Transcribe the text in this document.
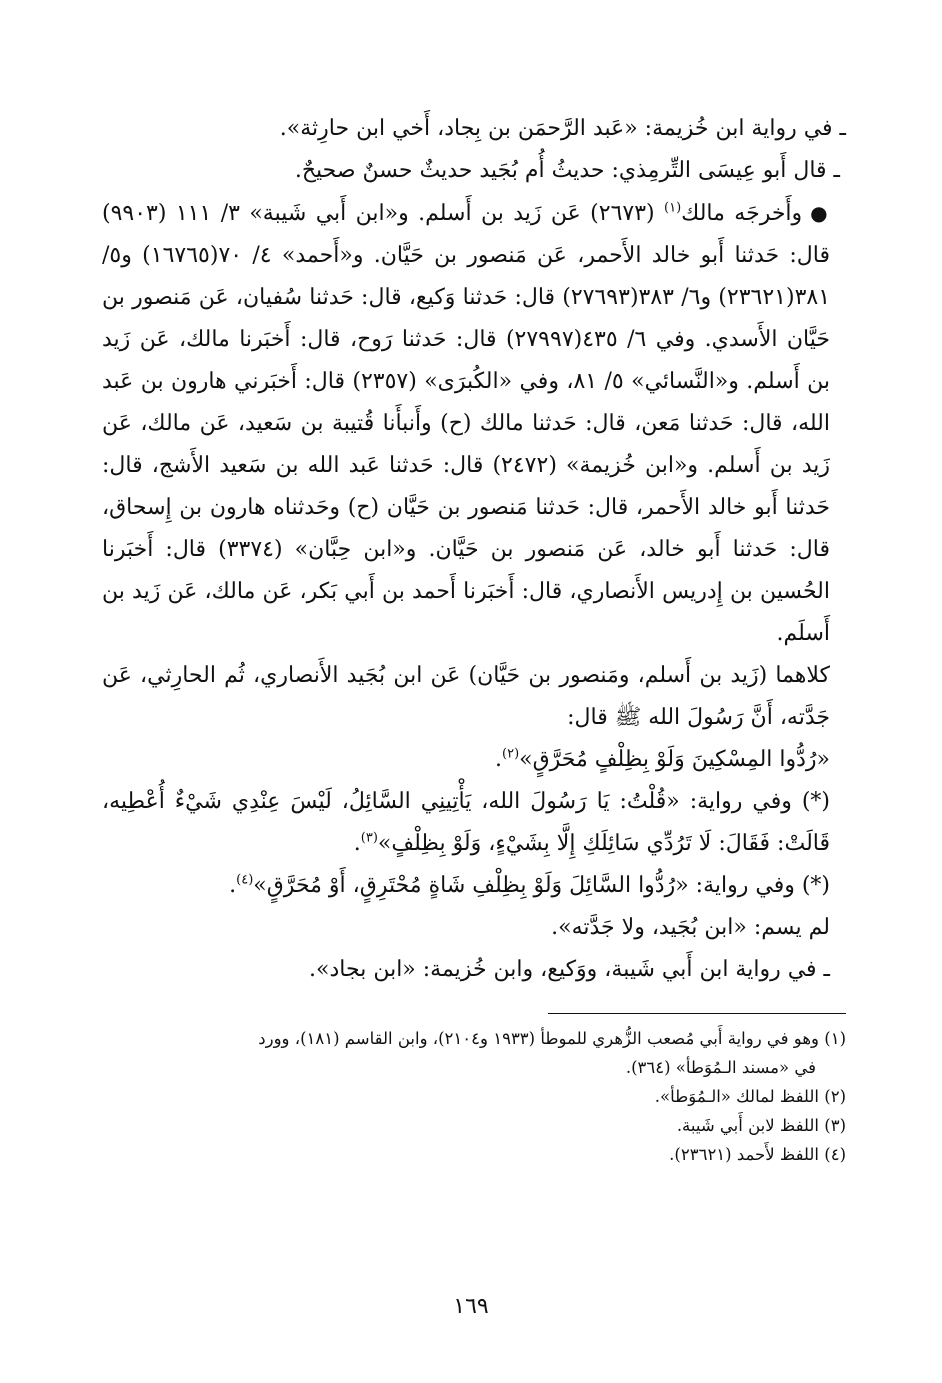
ـ في رواية ابن خُزيمة: «عَبد الرَّحمَن بن بِجاد، أَخي ابن حارِثة».

ـ قال أَبو عِيسَى التِّرمِذي: حديثُ أُم بُجَيد حديثٌ حسنٌ صحيحٌ.

●وأَخرجَه مالك$^{(١)}$ (٢٦٧٣) عَن زَيد بن أَسلم. و«ابن أَبي شَيبة» ٣/ ١١١ (٩٩٠٣) قال: حَدثنا أَبو خالد الأَحمر، عَن مَنصور بن حَيَّان. و«أَحمد» ٤/ ٧٠(١٦٧٦٥) و٥/ ٣٨١(٢٣٦٢١) و٦/ ٣٨٣(٢٧٦٩٣) قال: حَدثنا وَكيع، قال: حَدثنا سُفيان، عَن مَنصور بن حَيَّان الأَسدي. وفي ٦/ ٤٣٥(٢٧٩٩٧) قال: حَدثنا رَوح، قال: أَخبَرنا مالك، عَن زَيد بن أَسلم. و«النَّسائي» ٥/ ٨١، وفي «الكُبرَى» (٢٣٥٧) قال: أَخبَرني هارون بن عَبد الله، قال: حَدثنا مَعن، قال: حَدثنا مالك (ح) وأَنبأَنا قُتيبة بن سَعيد، عَن مالك، عَن زَيد بن أَسلم. و«ابن خُزيمة» (٢٤٧٢) قال: حَدثنا عَبد الله بن سَعيد الأَشج، قال: حَدثنا أَبو خالد الأَحمر، قال: حَدثنا مَنصور بن حَيَّان (ح) وحَدثناه هارون بن إِسحاق، قال: حَدثنا أَبو خالد، عَن مَنصور بن حَيَّان. و«ابن حِبَّان» (٣٣٧٤) قال: أَخبَرنا الحُسين بن إِدريس الأَنصاري، قال: أَخبَرنا أَحمد بن أَبي بَكر، عَن مالك، عَن زَيد بن أَسلَم.

كلاهما (زَيد بن أَسلم، ومَنصور بن حَيَّان) عَن ابن بُجَيد الأَنصاري، ثُم الحارِثي، عَن جَدَّته، أَنَّ رَسُولَ الله ﷺ قال:

«رُدُّوا المِسْكِينَ وَلَوْ بِظِلْفٍ مُحَرَّقٍ»$^{(٢)}$.

(*) وفي رواية: «قُلْتُ: يَا رَسُولَ الله، يَأْتِينِي السَّائِلُ، لَيْسَ عِنْدِي شَيْءٌ أُعْطِيه، قَالَتْ: فَقَالَ: لَا تَرُدِّي سَائِلَكِ إِلَّا بِشَيْءٍ، وَلَوْ بِظِلْفٍ»$^{(٣)}$.

(*) وفي رواية: «رُدُّوا السَّائِلَ وَلَوْ بِظِلْفِ شَاةٍ مُحْتَرِقٍ، أَوْ مُحَرَّقٍ»$^{(٤)}$.

لم يسم: «ابن بُجَيد، ولا جَدَّته».

ـ في رواية ابن أَبي شَيبة، ووَكيع، وابن خُزيمة: «ابن بجاد».

(١) وهو في رواية أَبي مُصعب الزُّهري للموطأ (١٩٣٣ و٢١٠٤)، وابن القاسم (١٨١)، وورد

في «مسند الـمُوَطأ» (٣٦٤).

(٢) اللفظ لمالك «الـمُوَطأ».

(٣) اللفظ لابن أَبي شَيبة.

(٤) اللفظ لأَحمد (٢٣٦٢١).

١٦٩
